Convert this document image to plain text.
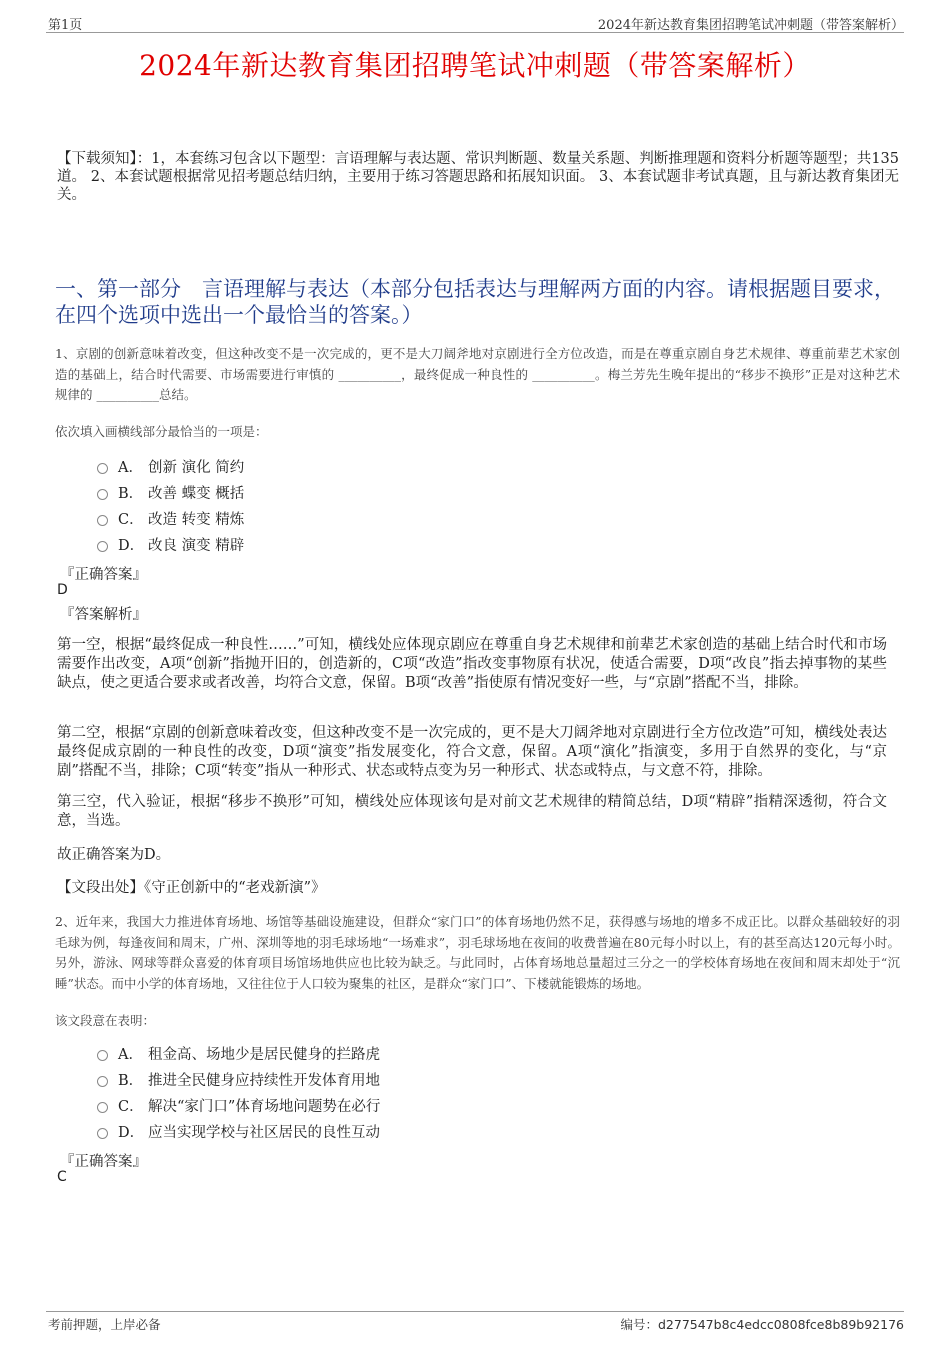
第1页	2024年新达教育集团招聘笔试冲刺题（带答案解析）
2024年新达教育集团招聘笔试冲刺题（带答案解析）
【下载须知】：1，本套练习包含以下题型：言语理解与表达题、常识判断题、数量关系题、判断推理题和资料分析题等题型；共135道。 2、本套试题根据常见招考题总结归纳，主要用于练习答题思路和拓展知识面。 3、本套试题非考试真题，且与新达教育集团无关。
一、第一部分　言语理解与表达（本部分包括表达与理解两方面的内容。请根据题目要求，在四个选项中选出一个最恰当的答案。）
1、京剧的创新意味着改变，但这种改变不是一次完成的，更不是大刀阔斧地对京剧进行全方位改造，而是在尊重京剧自身艺术规律、尊重前辈艺术家创造的基础上，结合时代需要、市场需要进行审慎的 __________，最终促成一种良性的 __________。梅兰芳先生晚年提出的“移步不换形”正是对这种艺术规律的 __________总结。
依次填入画横线部分最恰当的一项是：
A． 创新 演化 简约
B． 改善 蝶变 概括
C． 改造 转变 精炼
D． 改良 演变 精辟
『正确答案』
D
『答案解析』
第一空，根据“最终促成一种良性……”可知，横线处应体现京剧应在尊重自身艺术规律和前辈艺术家创造的基础上结合时代和市场需要作出改变，A项“创新”指抛开旧的，创造新的，C项“改造”指改变事物原有状况，使适合需要，D项“改良”指去掉事物的某些缺点，使之更适合要求或者改善，均符合文意，保留。B项“改善”指使原有情况变好一些，与“京剧”搭配不当，排除。
第二空，根据“京剧的创新意味着改变，但这种改变不是一次完成的，更不是大刀阔斧地对京剧进行全方位改造”可知，横线处表达最终促成京剧的一种良性的改变，D项“演变”指发展变化，符合文意，保留。A项“演化”指演变，多用于自然界的变化，与“京剧”搭配不当，排除；C项“转变”指从一种形式、状态或特点变为另一种形式、状态或特点，与文意不符，排除。
第三空，代入验证，根据“移步不换形”可知，横线处应体现该句是对前文艺术规律的精简总结，D项“精辟”指精深透彻，符合文意，当选。
故正确答案为D。
【文段出处】《守正创新中的“老戏新演”》
2、近年来，我国大力推进体育场地、场馆等基础设施建设，但群众“家门口”的体育场地仍然不足，获得感与场地的增多不成正比。以群众基础较好的羽毛球为例，每逢夜间和周末，广州、深圳等地的羽毛球场地“一场难求”，羽毛球场地在夜间的收费普遍在80元每小时以上，有的甚至高达120元每小时。另外，游泳、网球等群众喜爱的体育项目场馆场地供应也比较为缺乏。与此同时，占体育场地总量超过三分之一的学校体育场地在夜间和周末却处于“沉睡”状态。而中小学的体育场地，又往往位于人口较为聚集的社区，是群众“家门口”、下楼就能锻炼的场地。
该文段意在表明：
A． 租金高、场地少是居民健身的拦路虎
B． 推进全民健身应持续性开发体育用地
C． 解决“家门口”体育场地问题势在必行
D． 应当实现学校与社区居民的良性互动
『正确答案』
C
考前押题，上岸必备	编号：d277547b8c4edcc0808fce8b89b92176
